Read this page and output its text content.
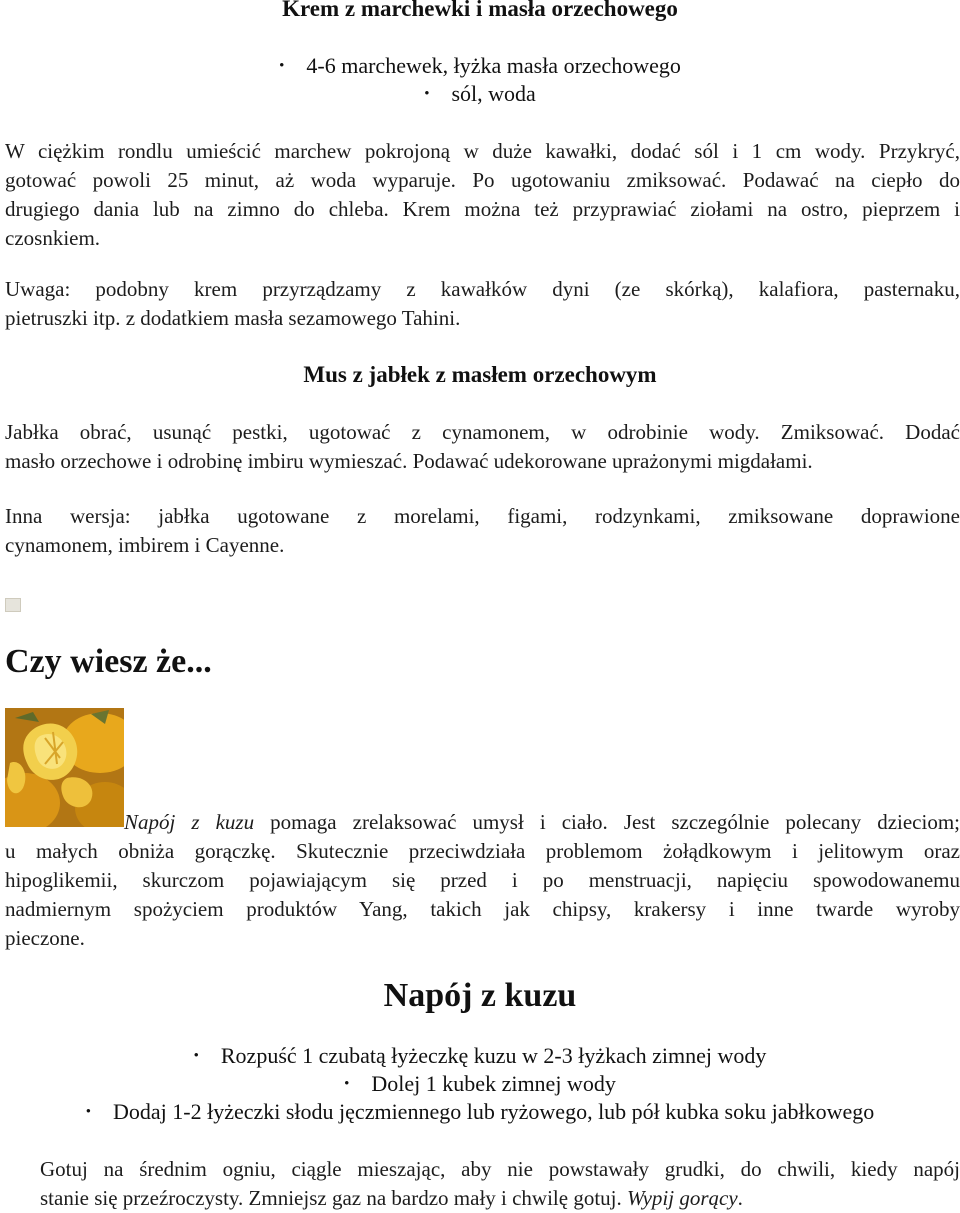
Krem z marchewki i masła orzechowego
• 4-6 marchewek, łyżka masła orzechowego
• sól, woda
W ciężkim rondlu umieścić marchew pokrojoną w duże kawałki, dodać sól i 1 cm wody. Przykryć,
gotować powoli 25 minut, aż woda wyparuje. Po ugotowaniu zmiksować. Podawać na ciepło do
drugiego dania lub na zimno do chleba. Krem można też przyprawiać ziołami na ostro, pieprzem i
czosnkiem.
Uwaga: podobny krem przyrządzamy z kawałków dyni (ze skórką), kalafiora, pasternaku,
pietruszki itp. z dodatkiem masła sezamowego Tahini.
Mus z jabłek z masłem orzechowym
Jabłka obrać, usunąć pestki, ugotować z cynamonem, w odrobinie wody. Zmiksować. Dodać
masło orzechowe i odrobinę imbiru wymieszać. Podawać udekorowane uprażonymi migdałami.
Inna wersja: jabłka ugotowane z morelami, figami, rodzynkami, zmiksowane doprawione
cynamonem, imbirem i Cayenne.
Czy wiesz że...
Napój z kuzu pomaga zrelaksować umysł i ciało. Jest szczególnie polecany dzieciom;
u małych obniża gorączkę. Skutecznie przeciwdziała problemom żołądkowym i jelitowym oraz
hipoglikemii, skurczom pojawiającym się przed i po menstruacji, napięciu spowodowanemu
nadmiernym spożyciem produktów Yang, takich jak chipsy, krakersy i inne twarde wyroby
pieczone.
Napój z kuzu
• Rozpuść 1 czubatą łyżeczkę kuzu w 2-3 łyżkach zimnej wody
• Dolej 1 kubek zimnej wody
• Dodaj 1-2 łyżeczki słodu jęczmiennego lub ryżowego, lub pół kubka soku jabłkowego
Gotuj na średnim ogniu, ciągle mieszając, aby nie powstawały grudki, do chwili, kiedy napój
stanie się przeźroczysty. Zmniejsz gaz na bardzo mały i chwilę gotuj. Wypij gorący.
